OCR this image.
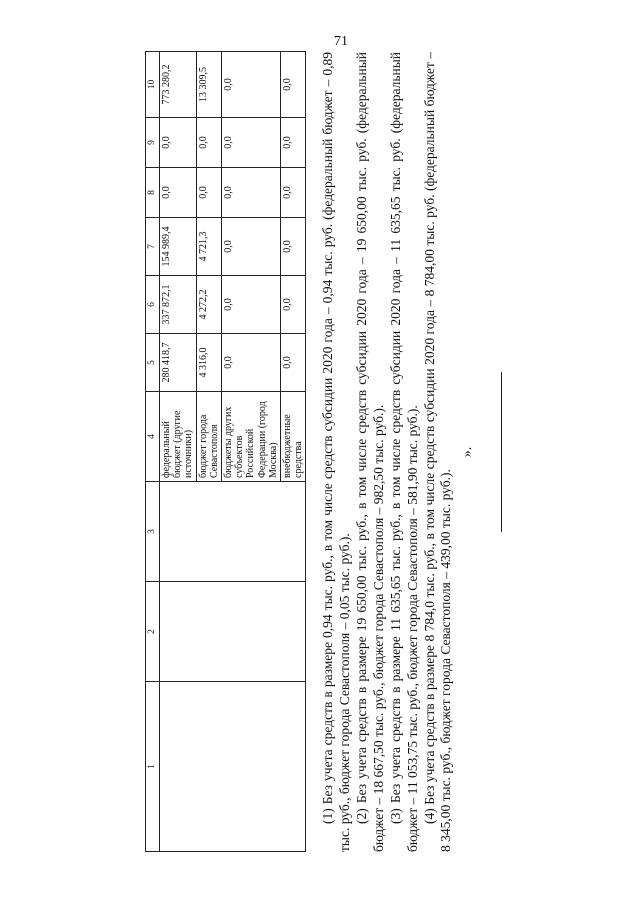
71
1	2	3	4	5	6	7	8	9	10
			федеральный бюджет (другие источники)	280 418,7	337 872,1	154 989,4	0,0	0,0	773 280,2
			бюджет города Севастополя	4 316,0	4 272,2	4 721,3	0,0	0,0	13 309,5
			бюджеты других субъектов Российской Федерации (город Москва)	0,0	0,0	0,0	0,0	0,0	0,0
			внебюджетные средства	0,0	0,0	0,0	0,0	0,0	0,0 (1) Без учета средств в размере 0,94 тыс. руб., в том числе средств субсидии 2020 года – 0,94 тыс. руб. (федеральный бюджет – 0,89 тыс. руб., бюджет города Севастополя – 0,05 тыс. руб.). (2) Без учета средств в размере 19 650,00 тыс. руб., в том числе средств субсидии 2020 года – 19 650,00 тыс. руб. (федеральный бюджет – 18 667,50 тыс. руб., бюджет города Севастополя – 982,50 тыс. руб.). (3) Без учета средств в размере 11 635,65 тыс. руб., в том числе средств субсидии 2020 года – 11 635,65 тыс. руб. (федеральный бюджет – 11 053,75 тыс. руб., бюджет города Севастополя – 581,90 тыс. руб.). (4) Без учета средств в размере 8 784,0 тыс. руб., в том числе средств субсидии 2020 года – 8 784,00 тыс. руб. (федеральный бюджет – 8 345,00 тыс. руб., бюджет города Севастополя – 439,00 тыс. руб.).

».
